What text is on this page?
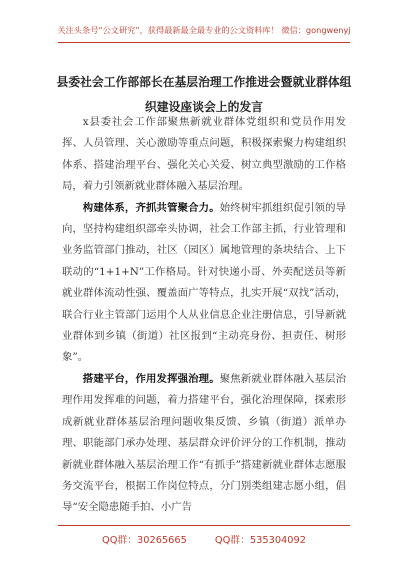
关注头条号“公文研究”，获得最新最全最专业的公文资料库！ 微信：gongwenyj
县委社会工作部部长在基层治理工作推进会暨就业群体组
织建设座谈会上的发言

x县委社会工作部聚焦新就业群体党组织和党员作用发挥、人员管理、关心激励等重点问题，积极探索聚力构建组织体系、搭建治理平台、强化关心关爱、树立典型激励的工作格局，着力引领新就业群体融入基层治理。

构建体系，齐抓共管聚合力。始终树牢抓组织促引领的导向，坚持构建组织部牵头协调，社会工作部主抓，行业管理和业务监管部门推动，社区（园区）属地管理的条块结合、上下联动的“1+1+N”工作格局。针对快递小哥、外卖配送员等新就业群体流动性强、覆盖面广等特点，扎实开展“双找”活动，联合行业主管部门运用个人从业信息企业注册信息，引导新就业群体到乡镇（街道）社区报到“主动亮身份、担责任、树形象”。

搭建平台，作用发挥强治理。聚焦新就业群体融入基层治理作用发挥难的问题，着力搭建平台，强化治理保障，探索形成新就业群体基层治理问题收集反馈、乡镇（街道）派单办理、职能部门承办处理、基层群众评价评分的工作机制，推动新就业群体融入基层治理工作“有抓手”搭建新就业群体志愿服务交流平台，根据工作岗位特点，分门别类组建志愿小组，倡导“安全隐患随手拍、小广告

QQ群：30265665	QQ群：535304092
